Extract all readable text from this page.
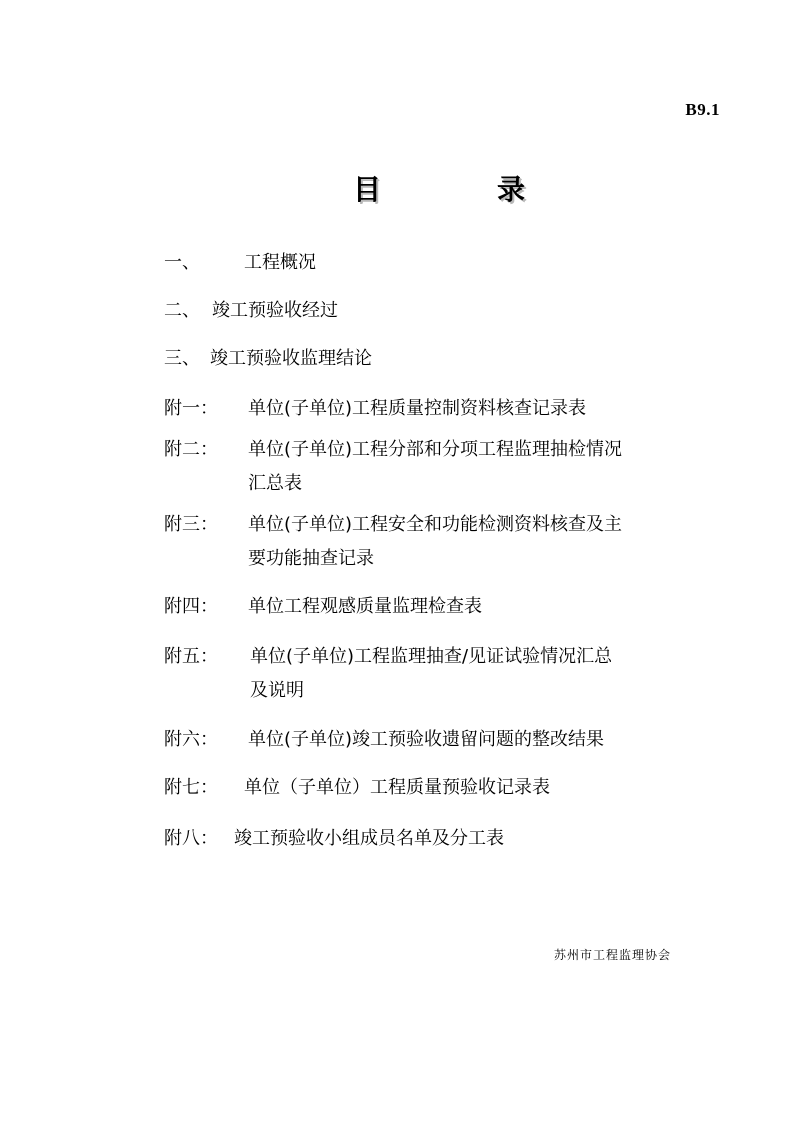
B9.1
目	录
一、 工程概况
二、 竣工预验收经过
三、 竣工预验收监理结论
附一： 单位(子单位)工程质量控制资料核查记录表
附二： 单位(子单位)工程分部和分项工程监理抽检情况
汇总表
附三： 单位(子单位)工程安全和功能检测资料核查及主
要功能抽查记录
附四： 单位工程观感质量监理检查表
附五： 单位(子单位)工程监理抽查/见证试验情况汇总
及说明
附六： 单位(子单位)竣工预验收遗留问题的整改结果
附七： 单位（子单位）工程质量预验收记录表
附八： 竣工预验收小组成员名单及分工表
苏州市工程监理协会
